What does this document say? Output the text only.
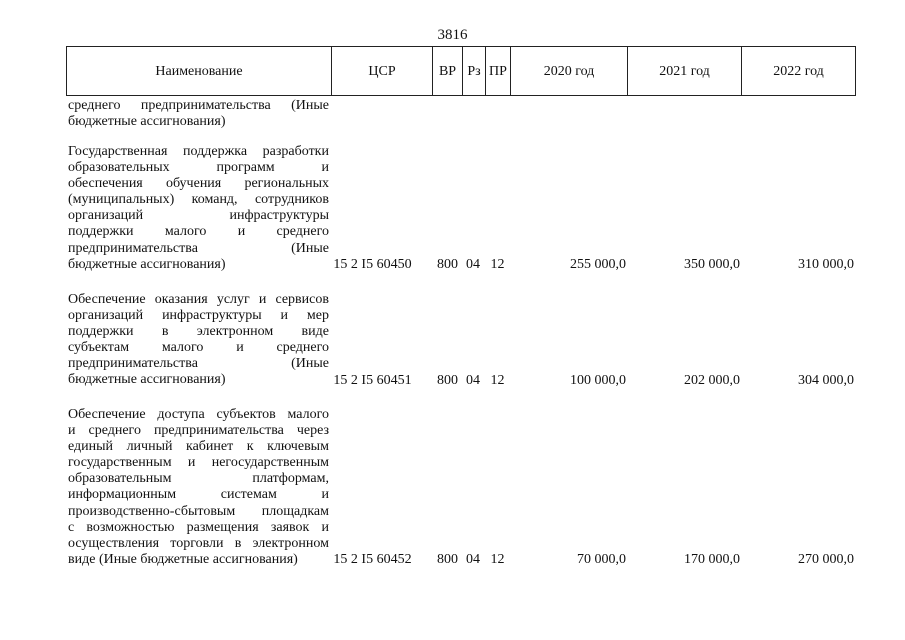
3816
Наименование	ЦСР	ВР Рз ПР	2020 год	2021 год	2022 год
среднего предпринимательства (Иные
бюджетные ассигнования)
Государственная поддержка разработки
образовательных	программ	и
обеспечения обучения региональных
(муниципальных) команд, сотрудников
организаций	инфраструктуры
поддержки малого и среднего
предпринимательства	(Иные
бюджетные ассигнования)	15 2 I5 60450	800 04 12	255 000,0	350 000,0	310 000,0
Обеспечение оказания услуг и сервисов
организаций инфраструктуры и мер
поддержки в электронном виде
субъектам малого и среднего
предпринимательства	(Иные
бюджетные ассигнования)	15 2 I5 60451	800 04 12	100 000,0	202 000,0	304 000,0
Обеспечение доступа субъектов малого
и среднего предпринимательства через
единый личный кабинет к ключевым
государственным и негосударственным
образовательным	платформам,
информационным	системам	и
производственно-сбытовым площадкам
с возможностью размещения заявок и
осуществления торговли в электронном
виде (Иные бюджетные ассигнования)	15 2 I5 60452	800 04 12	70 000,0	170 000,0	270 000,0
